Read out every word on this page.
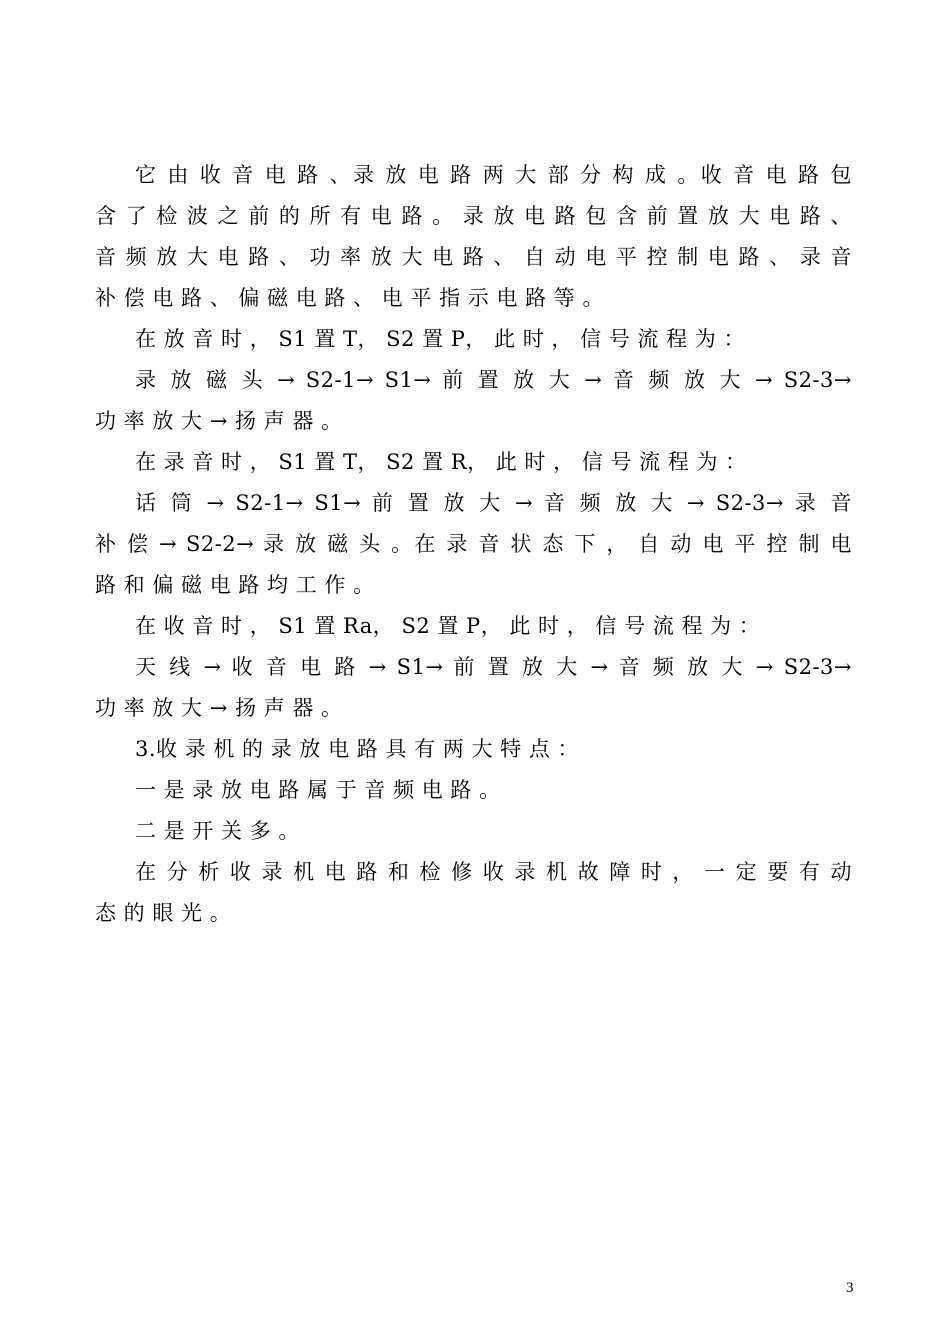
它 由 收 音 电 路 、录 放 电 路 两 大 部 分 构 成 。收 音 电 路 包
含 了 检 波 之 前 的 所 有 电 路 。 录 放 电 路 包 含 前 置 放 大 电 路 、
音 频 放 大 电 路 、 功 率 放 大 电 路 、 自 动 电 平 控 制 电 路 、 录 音
补 偿 电 路 、 偏 磁 电 路 、 电 平 指 示 电 路 等 。
在 放 音 时 ， S1 置 T， S2 置 P， 此 时 ， 信 号 流 程 为 ：
录 放 磁 头 → S2-1→ S1→ 前 置 放 大 → 音 频 放 大 → S2-3→
功 率 放 大 → 扬 声 器 。
在 录 音 时 ， S1 置 T， S2 置 R， 此 时 ， 信 号 流 程 为 ：
话 筒 → S2-1→ S1→ 前 置 放 大 → 音 频 放 大 → S2-3→ 录 音
补 偿 → S2-2→ 录 放 磁 头 。在 录 音 状 态 下 ， 自 动 电 平 控 制 电
路 和 偏 磁 电 路 均 工 作 。
在 收 音 时 ， S1 置 Ra， S2 置 P， 此 时 ， 信 号 流 程 为 ：
天 线 → 收 音 电 路 → S1→ 前 置 放 大 → 音 频 放 大 → S2-3→
功 率 放 大 → 扬 声 器 。
3.收 录 机 的 录 放 电 路 具 有 两 大 特 点 ：
一 是 录 放 电 路 属 于 音 频 电 路 。
二 是 开 关 多 。
在 分 析 收 录 机 电 路 和 检 修 收 录 机 故 障 时 ， 一 定 要 有 动
态 的 眼 光 。
3
